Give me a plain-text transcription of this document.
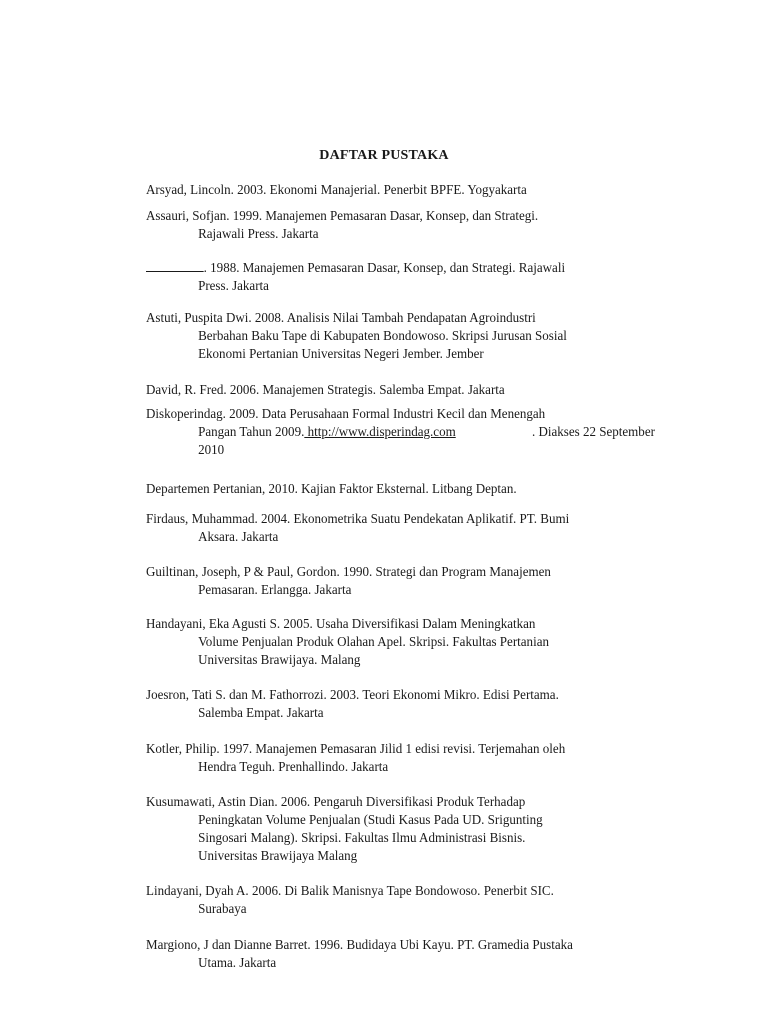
DAFTAR PUSTAKA
Arsyad, Lincoln. 2003. Ekonomi Manajerial. Penerbit BPFE. Yogyakarta
Assauri, Sofjan. 1999. Manajemen Pemasaran Dasar, Konsep, dan Strategi.
Rajawali Press. Jakarta
. 1988. Manajemen Pemasaran Dasar, Konsep, dan Strategi. Rajawali
Press. Jakarta
Astuti, Puspita Dwi. 2008. Analisis Nilai Tambah Pendapatan Agroindustri
Berbahan Baku Tape di Kabupaten Bondowoso. Skripsi Jurusan Sosial
Ekonomi Pertanian Universitas Negeri Jember. Jember
David, R. Fred. 2006. Manajemen Strategis. Salemba Empat. Jakarta
Diskoperindag. 2009. Data Perusahaan Formal Industri Kecil dan Menengah
Pangan Tahun 2009. http://www.disperindag.com	. Diakses 22 September
2010
Departemen Pertanian, 2010. Kajian Faktor Eksternal. Litbang Deptan.
Firdaus, Muhammad. 2004. Ekonometrika Suatu Pendekatan Aplikatif. PT. Bumi
Aksara. Jakarta
Guiltinan, Joseph, P & Paul, Gordon. 1990. Strategi dan Program Manajemen
Pemasaran. Erlangga. Jakarta
Handayani, Eka Agusti S. 2005. Usaha Diversifikasi Dalam Meningkatkan
Volume Penjualan Produk Olahan Apel. Skripsi. Fakultas Pertanian
Universitas Brawijaya. Malang
Joesron, Tati S. dan M. Fathorrozi. 2003. Teori Ekonomi Mikro. Edisi Pertama.
Salemba Empat. Jakarta
Kotler, Philip. 1997. Manajemen Pemasaran Jilid 1 edisi revisi. Terjemahan oleh
Hendra Teguh. Prenhallindo. Jakarta
Kusumawati, Astin Dian. 2006. Pengaruh Diversifikasi Produk Terhadap
Peningkatan Volume Penjualan (Studi Kasus Pada UD. Srigunting
Singosari Malang). Skripsi. Fakultas Ilmu Administrasi Bisnis.
Universitas Brawijaya Malang
Lindayani, Dyah A. 2006. Di Balik Manisnya Tape Bondowoso. Penerbit SIC.
Surabaya
Margiono, J dan Dianne Barret. 1996. Budidaya Ubi Kayu. PT. Gramedia Pustaka
Utama. Jakarta
